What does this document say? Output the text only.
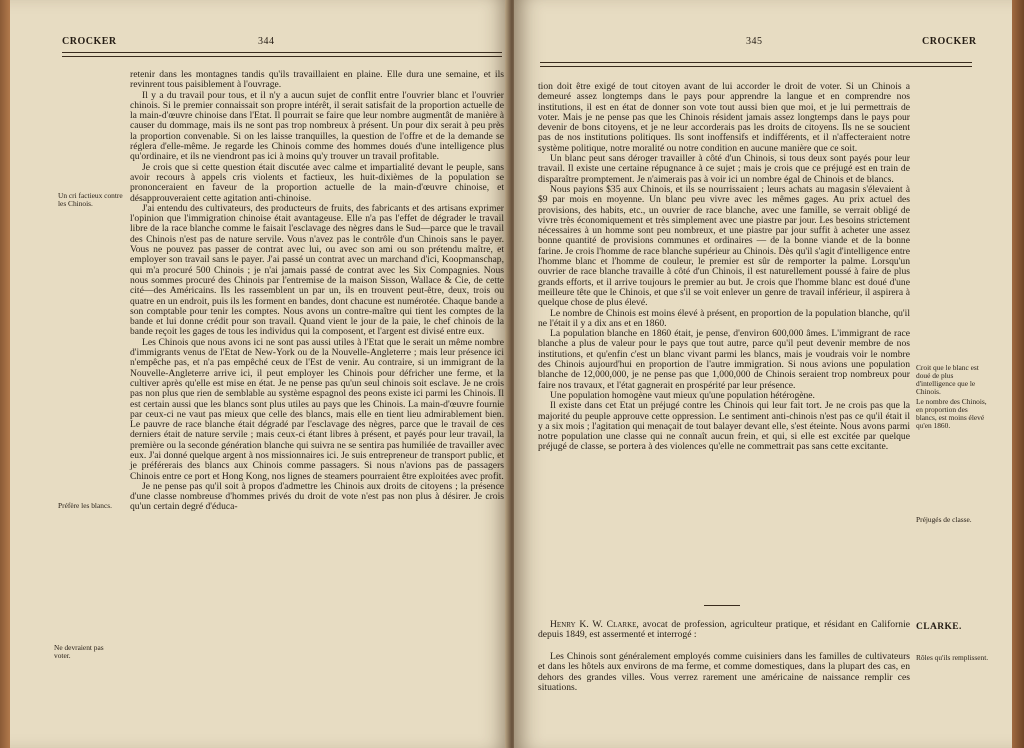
CROCKER	344
Un cri factieux contre les Chinois.
Préfère les blancs.
Ne devraient pas voter.

retenir dans les montagnes tandis qu'ils travaillaient en plaine. Elle dura une semaine, et ils revinrent tous paisiblement à l'ouvrage.

Il y a du travail pour tous, et il n'y a aucun sujet de conflit entre l'ouvrier blanc et l'ouvrier chinois. Si le premier connaissait son propre intérêt, il serait satisfait de la proportion actuelle de la main-d'œuvre chinoise dans l'Etat. Il pourrait se faire que leur nombre augmentât de manière à causer du dommage, mais ils ne sont pas trop nombreux à présent. Un pour dix serait à peu près la proportion convenable. Si on les laisse tranquilles, la question de l'offre et de la demande se réglera d'elle-même. Je regarde les Chinois comme des hommes doués d'une intelligence plus qu'ordinaire, et ils ne viendront pas ici à moins qu'y trouver un travail profitable.

Je crois que si cette question était discutée avec calme et impartialité devant le peuple, sans avoir recours à appels cris violents et factieux, les huit-dixièmes de la population se prononceraient en faveur de la proportion actuelle de la main-d'œuvre chinoise, et désapprouveraient cette agitation anti-chinoise.

J'ai entendu des cultivateurs, des producteurs de fruits, des fabricants et des artisans exprimer l'opinion que l'immigration chinoise était avantageuse. Elle n'a pas l'effet de dégrader le travail libre de la race blanche comme le faisait l'esclavage des nègres dans le Sud—parce que le travail des Chinois n'est pas de nature servile. Vous n'avez pas le contrôle d'un Chinois sans le payer. Vous ne pouvez pas passer de contrat avec lui, ou avec son ami ou son prétendu maître, et employer son travail sans le payer. J'ai passé un contrat avec un marchand d'ici, Koopmanschap, qui m'a procuré 500 Chinois ; je n'ai jamais passé de contrat avec les Six Compagnies. Nous nous sommes procuré des Chinois par l'entremise de la maison Sisson, Wallace & Cie, de cette cité—des Américains. Ils les rassemblent un par un, ils en trouvent peut-être, deux, trois ou quatre en un endroit, puis ils les forment en bandes, dont chacune est numérotée. Chaque bande a son comptable pour tenir les comptes. Nous avons un contre-maître qui tient les comptes de la bande et lui donne crédit pour son travail. Quand vient le jour de la paie, le chef chinois de la bande reçoit les gages de tous les individus qui la composent, et l'argent est divisé entre eux.

Les Chinois que nous avons ici ne sont pas aussi utiles à l'Etat que le serait un même nombre d'immigrants venus de l'Etat de New-York ou de la Nouvelle-Angleterre ; mais leur présence ici n'empêche pas, et n'a pas empêché ceux de l'Est de venir. Au contraire, si un immigrant de la Nouvelle-Angleterre arrive ici, il peut employer les Chinois pour défricher une ferme, et la cultiver après qu'elle est mise en état. Je ne pense pas qu'un seul chinois soit esclave. Je ne crois pas non plus que rien de semblable au système espagnol des peons existe ici parmi les Chinois. Il est certain aussi que les blancs sont plus utiles au pays que les Chinois. La main-d'œuvre fournie par ceux-ci ne vaut pas mieux que celle des blancs, mais elle en tient lieu admirablement bien. Le pauvre de race blanche était dégradé par l'esclavage des nègres, parce que le travail de ces derniers était de nature servile ; mais ceux-ci étant libres à présent, et payés pour leur travail, la première ou la seconde génération blanche qui suivra ne se sentira pas humiliée de travailler avec eux. J'ai donné quelque argent à nos missionnaires ici. Je suis entrepreneur de transport public, et je préférerais des blancs aux Chinois comme passagers. Si nous n'avions pas de passagers Chinois entre ce port et Hong Kong, nos lignes de steamers pourraient être exploitées avec profit.

Je ne pense pas qu'il soit à propos d'admettre les Chinois aux droits de citoyens ; la présence d'une classe nombreuse d'hommes privés du droit de vote n'est pas non plus à désirer. Je crois qu'un certain degré d'éduca-

345	CROCKER
Croit que le blanc est doué de plus d'intelligence que le Chinois.
Le nombre des Chinois, en proportion des blancs, est moins élevé qu'en 1860.
Préjugés de classe.
Rôles qu'ils remplissent.

tion doit être exigé de tout citoyen avant de lui accorder le droit de voter. Si un Chinois a demeuré assez longtemps dans le pays pour apprendre la langue et en comprendre nos institutions, il est en état de donner son vote tout aussi bien que moi, et je lui permettrais de voter. Mais je ne pense pas que les Chinois résident jamais assez longtemps dans le pays pour devenir de bons citoyens, et je ne leur accorderais pas les droits de citoyens. Ils ne se soucient pas de nos institutions politiques. Ils sont inoffensifs et indifférents, et il n'affecteraient notre système politique, notre moralité ou notre condition en aucune manière que ce soit.

Un blanc peut sans déroger travailler à côté d'un Chinois, si tous deux sont payés pour leur travail. Il existe une certaine répugnance à ce sujet ; mais je crois que ce préjugé est en train de disparaître promptement. Je n'aimerais pas à voir ici un nombre égal de Chinois et de blancs.

Nous payions $35 aux Chinois, et ils se nourrissaient ; leurs achats au magasin s'élevaient à $9 par mois en moyenne. Un blanc peu vivre avec les mêmes gages. Au prix actuel des provisions, des habits, etc., un ouvrier de race blanche, avec une famille, se verrait obligé de vivre très économiquement et très simplement avec une piastre par jour. Les besoins strictement nécessaires à un homme sont peu nombreux, et une piastre par jour suffit à acheter une assez bonne quantité de provisions communes et ordinaires — de la bonne viande et de la bonne farine. Je crois l'homme de race blanche supérieur au Chinois. Dès qu'il s'agit d'intelligence entre l'homme blanc et l'homme de couleur, le premier est sûr de remporter la palme. Lorsqu'un ouvrier de race blanche travaille à côté d'un Chinois, il est naturellement poussé à faire de plus grands efforts, et il arrive toujours le premier au but. Je crois que l'homme blanc est doué d'une meilleure tête que le Chinois, et que s'il se voit enlever un genre de travail inférieur, il aspirera à quelque chose de plus élevé.

Le nombre de Chinois est moins élevé à présent, en proportion de la population blanche, qu'il ne l'était il y a dix ans et en 1860.

La population blanche en 1860 était, je pense, d'environ 600,000 âmes. L'immigrant de race blanche a plus de valeur pour le pays que tout autre, parce qu'il peut devenir membre de nos institutions, et qu'enfin c'est un blanc vivant parmi les blancs, mais je voudrais voir le nombre des Chinois aujourd'hui en proportion de l'autre immigration. Si nous avions une population blanche de 12,000,000, je ne pense pas que 1,000,000 de Chinois seraient trop nombreux pour faire nos travaux, et l'état gagnerait en prospérité par leur présence.

Une population homogène vaut mieux qu'une population hétérogène.

Il existe dans cet Etat un préjugé contre les Chinois qui leur fait tort. Je ne crois pas que la majorité du peuple approuve cette oppression. Le sentiment anti-chinois n'est pas ce qu'il était il y a six mois ; l'agitation qui menaçait de tout balayer devant elle, s'est éteinte. Nous avons parmi notre population une classe qui ne connaît aucun frein, et qui, si elle est excitée par quelque préjugé de classe, se portera à des violences qu'elle ne commettrait pas sans cette excitante.

Henry K. W. Clarke, avocat de profession, agriculteur pratique, et résidant en Californie depuis 1849, est assermenté et interrogé :
CLARKE.

Les Chinois sont généralement employés comme cuisiniers dans les familles de cultivateurs et dans les hôtels aux environs de ma ferme, et comme domestiques, dans la plupart des cas, en dehors des grandes villes. Vous verrez rarement une américaine de naissance remplir ces situations.
